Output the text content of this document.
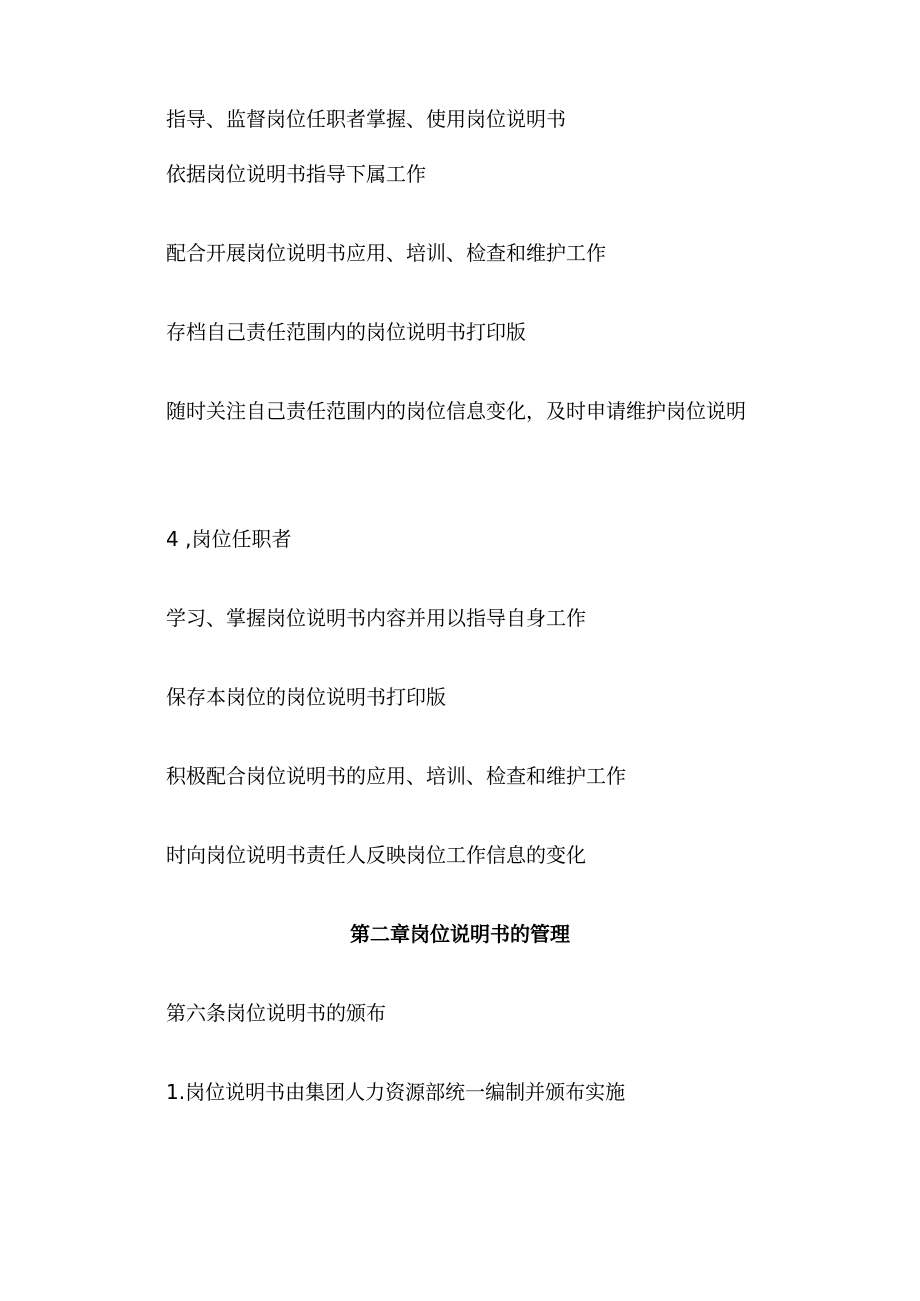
指导、监督岗位任职者掌握、使用岗位说明书
依据岗位说明书指导下属工作
配合开展岗位说明书应用、培训、检查和维护工作
存档自己责任范围内的岗位说明书打印版
随时关注自己责任范围内的岗位信息变化，及时申请维护岗位说明
4 ,岗位任职者
学习、掌握岗位说明书内容并用以指导自身工作
保存本岗位的岗位说明书打印版
积极配合岗位说明书的应用、培训、检查和维护工作
时向岗位说明书责任人反映岗位工作信息的变化
第二章岗位说明书的管理
第六条岗位说明书的颁布
1.岗位说明书由集团人力资源部统一编制并颁布实施
